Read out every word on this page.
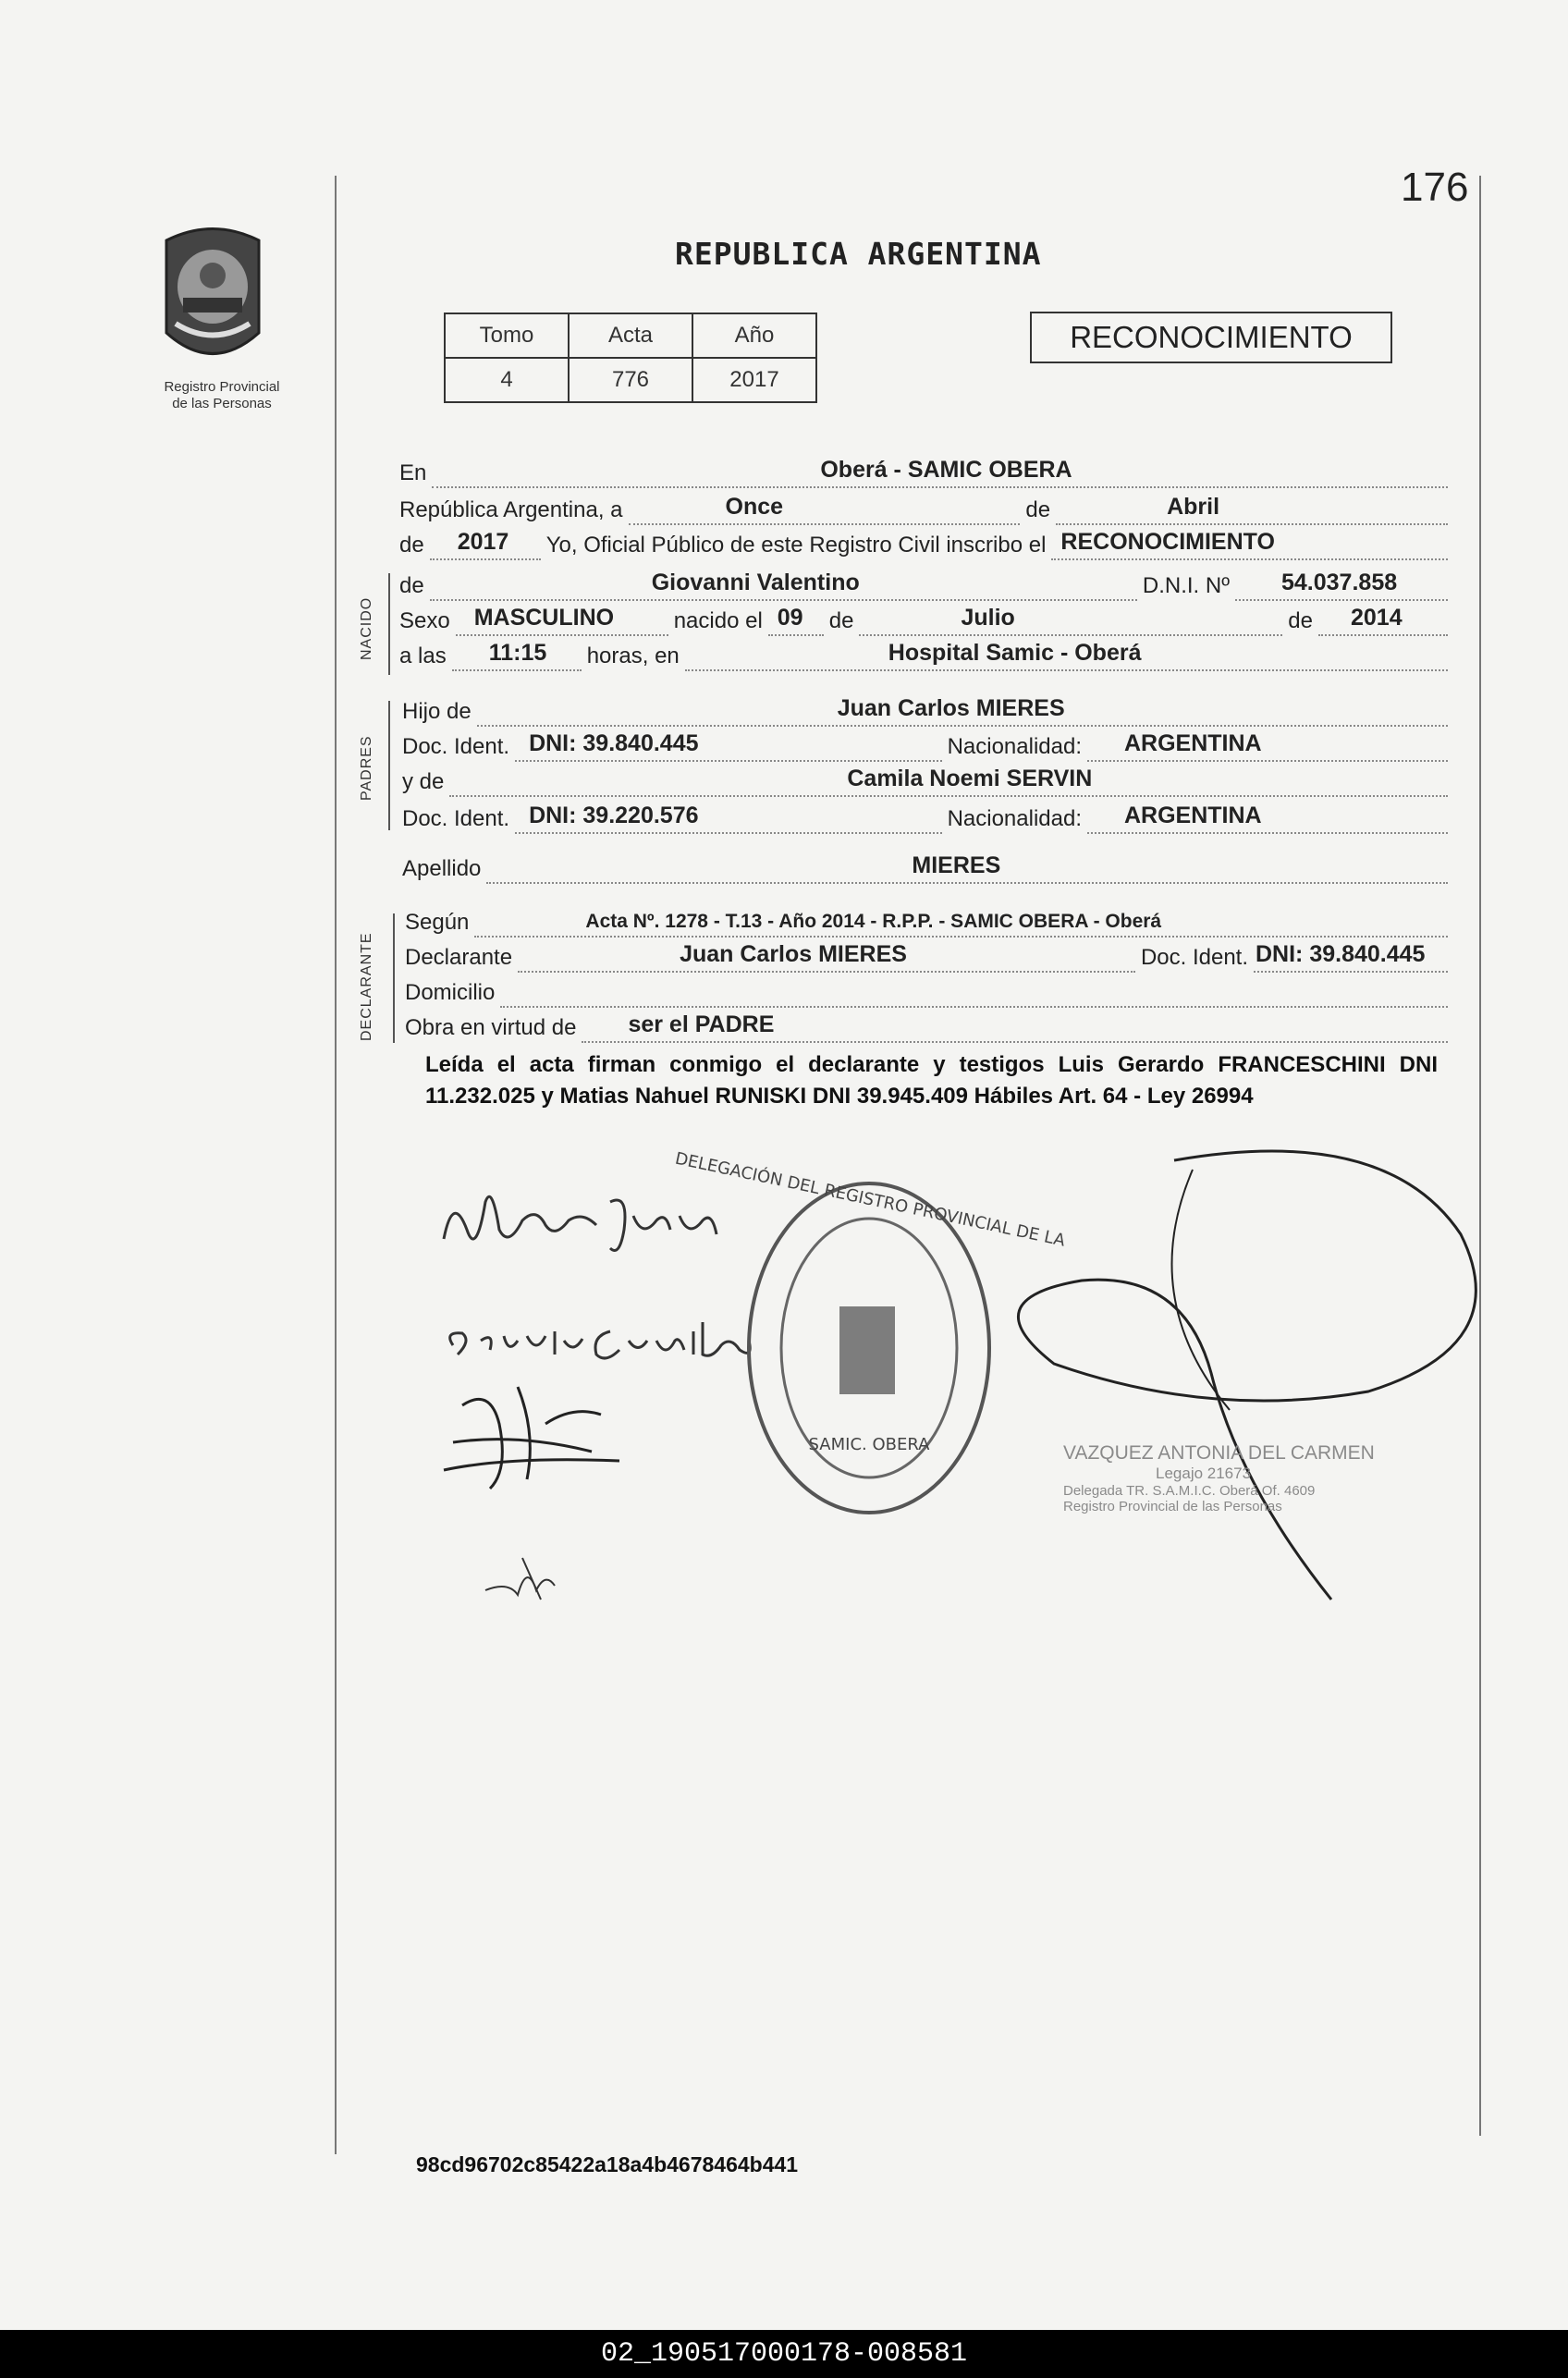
176
Registro Provincial
de las Personas
REPUBLICA ARGENTINA
Tomo	Acta	Año
4	776	2017
RECONOCIMIENTO
En	Oberá - SAMIC OBERA
República Argentina, a	Once	de	Abril
de 2017 Yo, Oficial Público de este Registro Civil inscribo el RECONOCIMIENTO
NACIDO
de	Giovanni Valentino	D.N.I. Nº 54.037.858
Sexo MASCULINO	nacido el 09 de	Julio	de 2014
a las 11:15 horas, en	Hospital Samic - Oberá
PADRES
Hijo de	Juan Carlos MIERES
Doc. Ident. DNI: 39.840.445	Nacionalidad: ARGENTINA
y de	Camila Noemi SERVIN
Doc. Ident. DNI: 39.220.576	Nacionalidad: ARGENTINA
Apellido	MIERES
DECLARANTE
Según	Acta Nº. 1278 - T.13 - Año 2014 - R.P.P. - SAMIC OBERA - Oberá
Declarante	Juan Carlos MIERES	Doc. Ident. DNI: 39.840.445
Domicilio
Obra en virtud de ser el PADRE
Leída el acta firman conmigo el declarante y testigos Luis Gerardo FRANCESCHINI DNI 11.232.025 y Matias Nahuel RUNISKI DNI 39.945.409 Hábiles Art. 64 - Ley 26994
DELEGACIÓN DEL REGISTRO PROVINCIAL DE LA
SAMIC. OBERA	VAZQUEZ ANTONIA DEL CARMEN
Legajo 21673
Delegada TR. S.A.M.I.C. Oberá Of. 4609
Registro Provincial de las Personas
98cd96702c85422a18a4b4678464b441
02_190517000178-008581
